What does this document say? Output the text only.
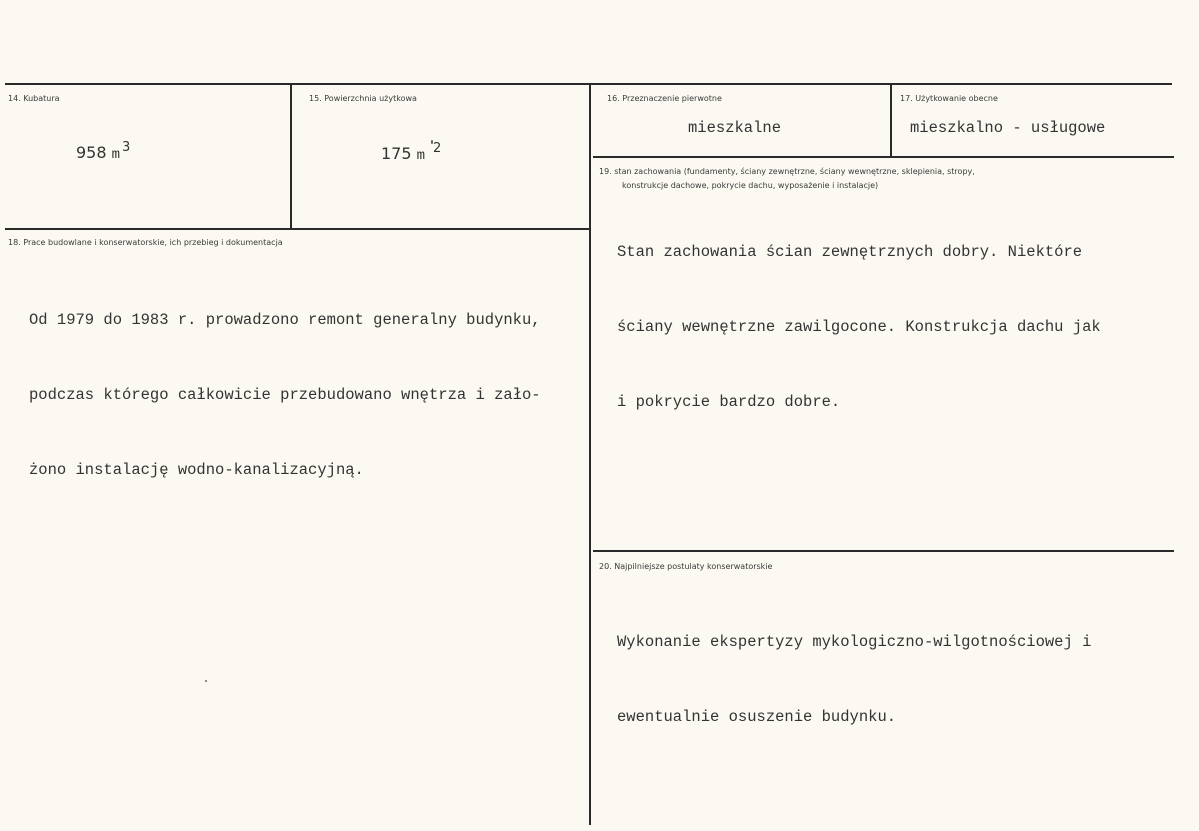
14. Kubatura
958 m $^3$
15. Powierzchnia użytkowa
175 m $^2$
16. Przeznaczenie pierwotne
mieszkalne
17. Użytkowanie obecne
mieszkalno - usługowe
18. Prace budowlane i konserwatorskie, ich przebieg i dokumentacja

Od 1979 do 1983 r. prowadzono remont generalny budynku,

podczas którego całkowicie przebudowano wnętrza i zało-

żono instalację wodno-kanalizacyjną.

19. stan zachowania (fundamenty, ściany zewnętrzne, ściany wewnętrzne, sklepienia, stropy,
konstrukcje dachowe, pokrycie dachu, wyposażenie i instalacje)

Stan zachowania ścian zewnętrznych dobry. Niektóre

ściany wewnętrzne zawilgocone. Konstrukcja dachu jak

i pokrycie bardzo dobre.

20. Najpilniejsze postulaty konserwatorskie

Wykonanie ekspertyzy mykologiczno-wilgotnościowej i

ewentualnie osuszenie budynku.
